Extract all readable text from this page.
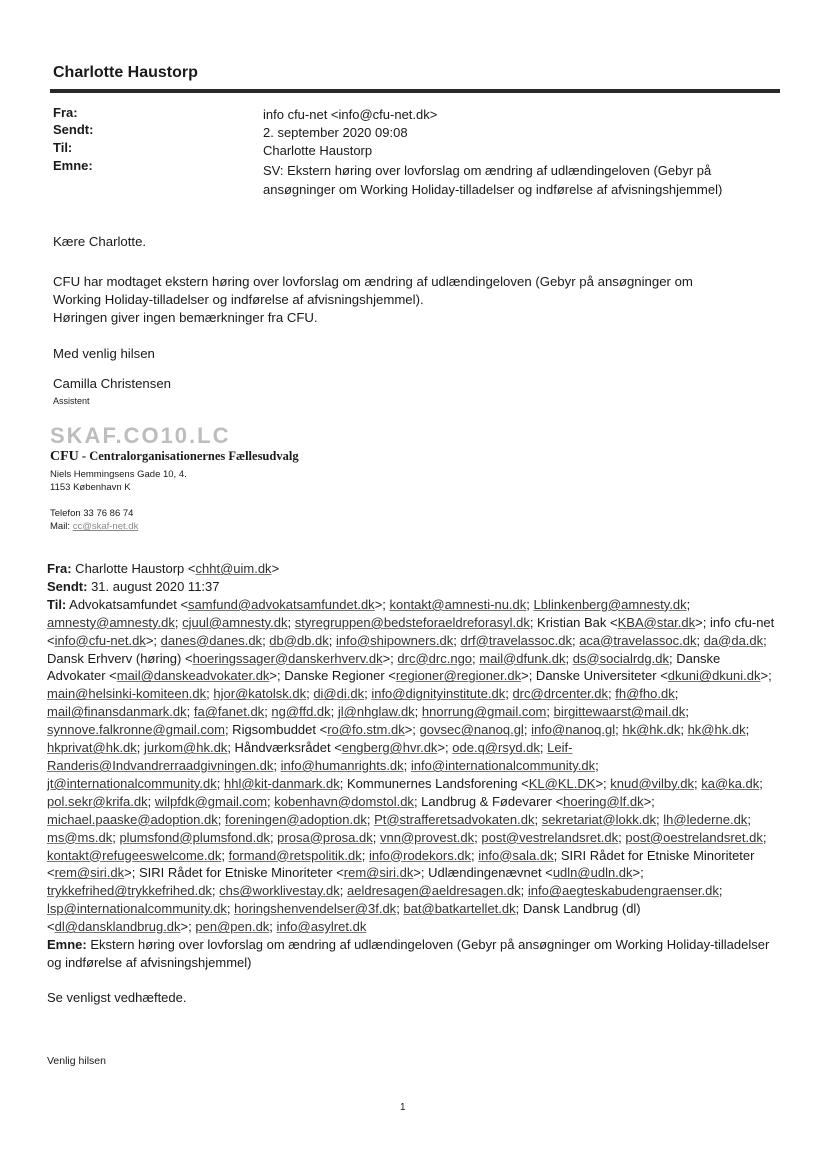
Charlotte Haustorp
Fra:	info cfu-net <info@cfu-net.dk>
Sendt:	2. september 2020 09:08
Til:	Charlotte Haustorp
Emne:	SV: Ekstern høring over lovforslag om ændring af udlændingeloven (Gebyr på
ansøgninger om Working Holiday-tilladelser og indførelse af afvisningshjemmel)
Kære Charlotte.
CFU har modtaget ekstern høring over lovforslag om ændring af udlændingeloven (Gebyr på ansøgninger om
Working Holiday-tilladelser og indførelse af afvisningshjemmel).
Høringen giver ingen bemærkninger fra CFU.
Med venlig hilsen
Camilla Christensen
Assistent
SKAF.CO10.LC
CFU - Centralorganisationernes Fællesudvalg
Niels Hemmingsens Gade 10, 4.
1153 København K
Telefon 33 76 86 74
Mail: cc@skaf-net.dk
Fra: Charlotte Haustorp <chht@uim.dk>
Sendt: 31. august 2020 11:37
Til: Advokatsamfundet <samfund@advokatsamfundet.dk>; kontakt@amnesti-nu.dk; Lblinkenberg@amnesty.dk; amnesty@amnesty.dk; cjuul@amnesty.dk; styregruppen@bedsteforaeldreforasyl.dk; Kristian Bak <KBA@star.dk>; info cfu-net <info@cfu-net.dk>; danes@danes.dk; db@db.dk; info@shipowners.dk; drf@travelassoc.dk; aca@travelassoc.dk; da@da.dk; Dansk Erhverv (høring) <hoeringssager@danskerhverv.dk>; drc@drc.ngo; mail@dfunk.dk; ds@socialrdg.dk; Danske Advokater <mail@danskeadvokater.dk>; Danske Regioner <regioner@regioner.dk>; Danske Universiteter <dkuni@dkuni.dk>; main@helsinki-komiteen.dk; hjor@katolsk.dk; di@di.dk; info@dignityinstitute.dk; drc@drcenter.dk; fh@fho.dk; mail@finansdanmark.dk; fa@fanet.dk; ng@ffd.dk; jl@nhglaw.dk; hnorrung@gmail.com; birgittewaarst@mail.dk; synnove.falkronne@gmail.com; Rigsombuddet <ro@fo.stm.dk>; govsec@nanoq.gl; info@nanoq.gl; hk@hk.dk; hk@hk.dk; hkprivat@hk.dk; jurkom@hk.dk; Håndværksrådet <engberg@hvr.dk>; ode.q@rsyd.dk; Leif-Randeris@Indvandrerraadgivningen.dk; info@humanrights.dk; info@internationalcommunity.dk; jt@internationalcommunity.dk; hhl@kit-danmark.dk; Kommunernes Landsforening <KL@KL.DK>; knud@vilby.dk; ka@ka.dk; pol.sekr@krifa.dk; wilpfdk@gmail.com; kobenhavn@domstol.dk; Landbrug & Fødevarer <hoering@lf.dk>; michael.paaske@adoption.dk; foreningen@adoption.dk; Pt@strafferetsadvokaten.dk; sekretariat@lokk.dk; lh@lederne.dk; ms@ms.dk; plumsfond@plumsfond.dk; prosa@prosa.dk; vnn@provest.dk; post@vestrelandsret.dk; post@oestrelandsret.dk; kontakt@refugeeswelcome.dk; formand@retspolitik.dk; info@rodekors.dk; info@sala.dk; SIRI Rådet for Etniske Minoriteter <rem@siri.dk>; SIRI Rådet for Etniske Minoriteter <rem@siri.dk>; Udlændingenævnet <udln@udln.dk>; trykkefrihed@trykkefrihed.dk; chs@worklivestay.dk; aeldresagen@aeldresagen.dk; info@aegteskabudengraenser.dk; lsp@internationalcommunity.dk; horingshenvendelser@3f.dk; bat@batkartellet.dk; Dansk Landbrug (dl) <dl@dansklandbrug.dk>; pen@pen.dk; info@asylret.dk
Emne: Ekstern høring over lovforslag om ændring af udlændingeloven (Gebyr på ansøgninger om Working Holiday-tilladelser og indførelse af afvisningshjemmel)
Se venligst vedhæftede.
Venlig hilsen
1
